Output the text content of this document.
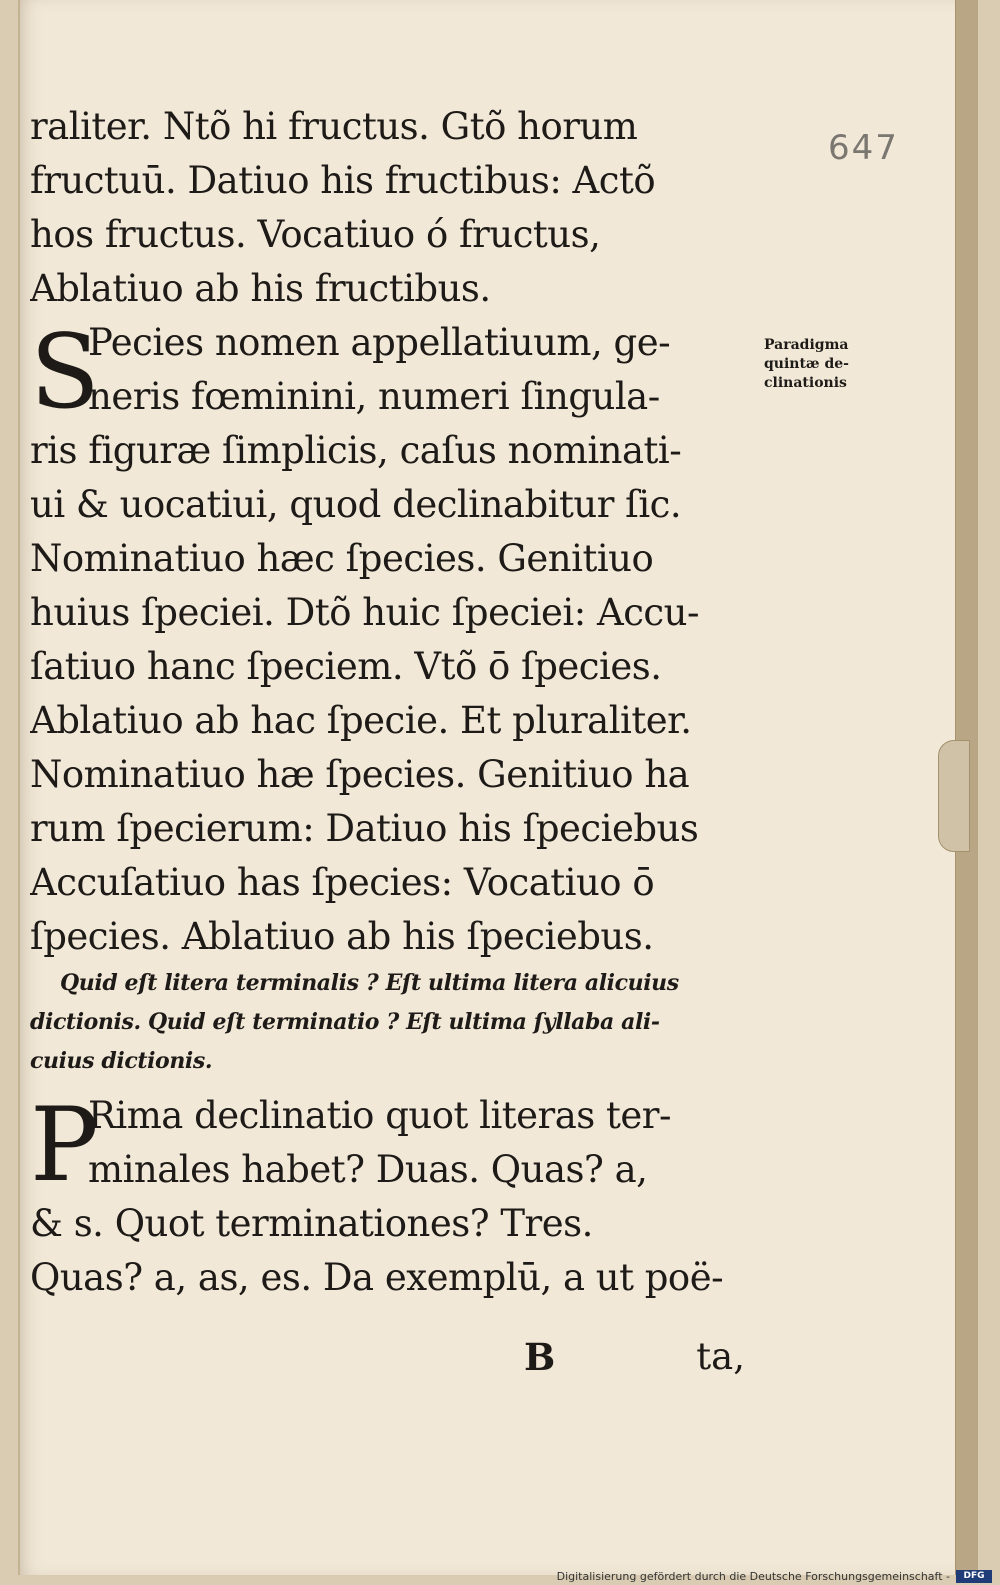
647
Paradigma
quintæ de-
clinationis
raliter. Ntõ hi fructus. Gtõ horum
fructuū. Datiuo his fructibus: Actõ
hos fructus. Vocatiuo ó fructus,
Ablatiuo ab his fructibus.
S
Pecies nomen appellatiuum, ge-
neris fœminini, numeri ſingula-
ris figuræ ſimplicis, caſus nominati-
ui & uocatiui, quod declinabitur ſic.
Nominatiuo hæc ſpecies. Genitiuo
huius ſpeciei. Dtõ huic ſpeciei: Accu-
ſatiuo hanc ſpeciem. Vtõ ō ſpecies.
Ablatiuo ab hac ſpecie. Et pluraliter.
Nominatiuo hæ ſpecies. Genitiuo ha
rum ſpecierum: Datiuo his ſpeciebus
Accuſatiuo has ſpecies: Vocatiuo ō
ſpecies. Ablatiuo ab his ſpeciebus.
Quid eſt litera terminalis ? Eſt ultima litera alicuius
dictionis. Quid eſt terminatio ? Eſt ultima ſyllaba ali-
cuius dictionis.
P
Rima declinatio quot literas ter-
minales habet? Duas. Quas? a,
& s. Quot terminationes? Tres.
Quas? a, as, es. Da exemplū, a ut poë-
B	ta,
Digitalisierung gefördert durch die Deutsche Forschungsgemeinschaft -	DFG
